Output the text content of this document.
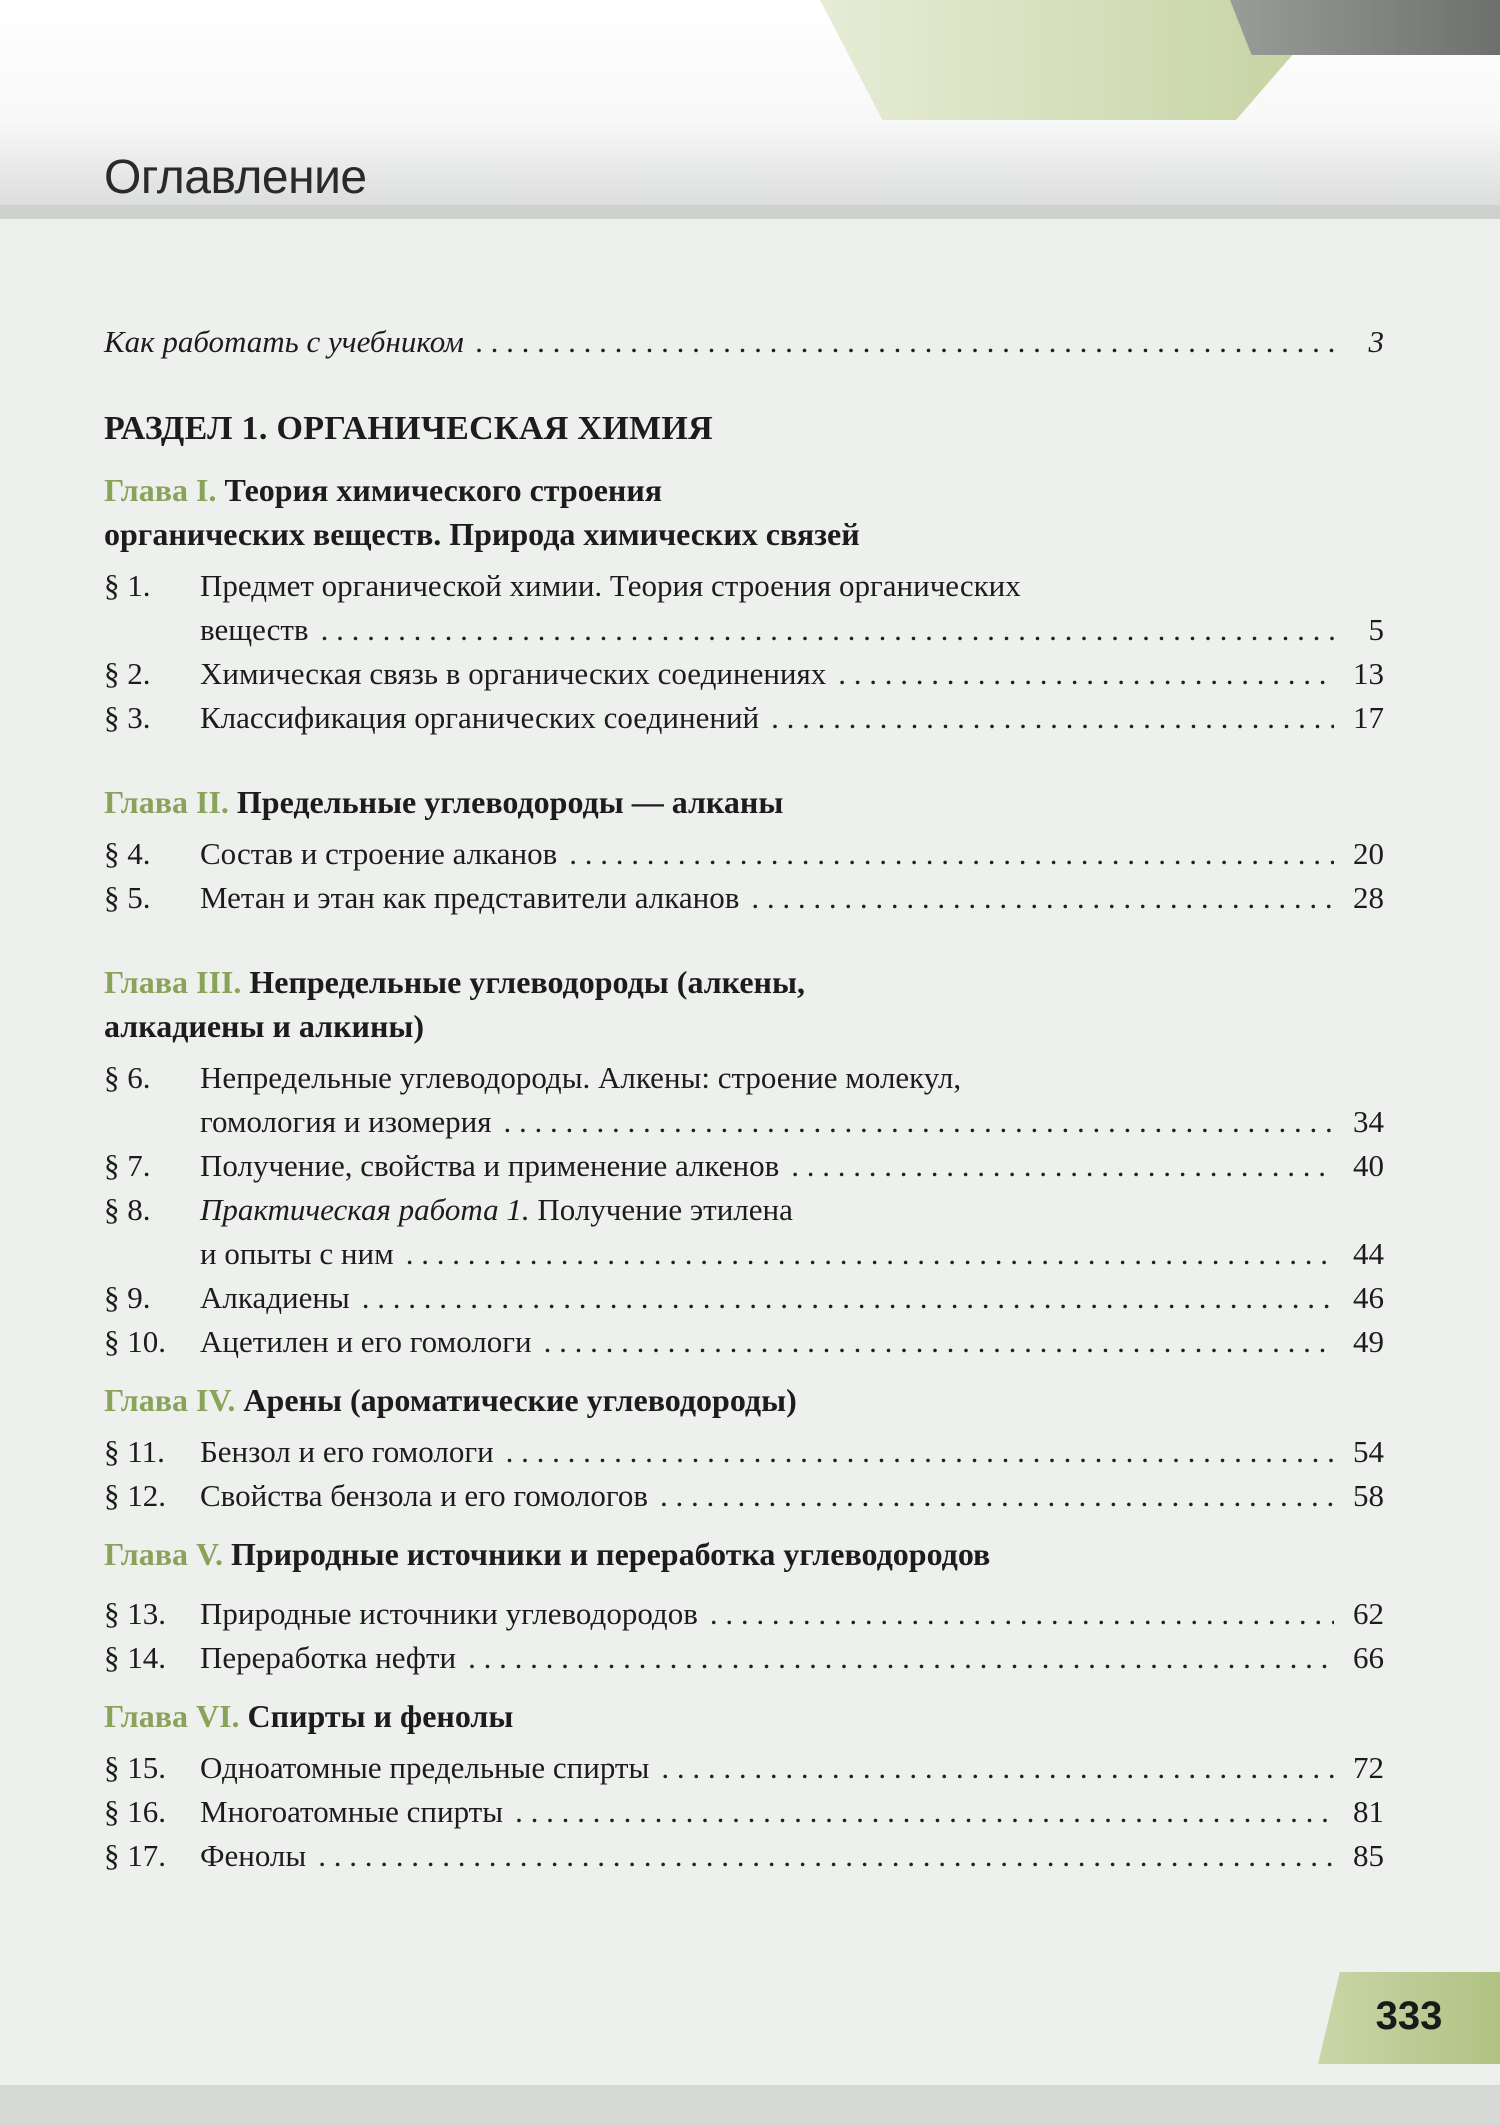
Оглавление
Как работать с учебником . . .	3
РАЗДЕЛ 1. ОРГАНИЧЕСКАЯ ХИМИЯ
Глава I. Теория химического строения
органических веществ. Природа химических связей
§ 1.	Предмет органической химии. Теория строения органических
веществ . . .	5
§ 2.	Химическая связь в органических соединениях . . .	13
§ 3.	Классификация органических соединений . . .	17
Глава II. Предельные углеводороды — алканы
§ 4.	Состав и строение алканов . . .	20
§ 5.	Метан и этан как представители алканов . . .	28
Глава III. Непредельные углеводороды (алкены,
алкадиены и алкины)
§ 6.	Непредельные углеводороды. Алкены: строение молекул,
гомология и изомерия . . .	34
§ 7.	Получение, свойства и применение алкенов . . .	40
§ 8.	Практическая работа 1. Получение этилена
и опыты с ним . . .	44
§ 9.	Алкадиены . . .	46
§ 10.	Ацетилен и его гомологи . . .	49
Глава IV. Арены (ароматические углеводороды)
§ 11.	Бензол и его гомологи . . .	54
§ 12.	Свойства бензола и его гомологов . . .	58
Глава V. Природные источники и переработка углеводородов
§ 13.	Природные источники углеводородов . . .	62
§ 14.	Переработка нефти . . .	66
Глава VI. Спирты и фенолы
§ 15.	Одноатомные предельные спирты . . .	72
§ 16.	Многоатомные спирты . . .	81
§ 17.	Фенолы . . .	85
333
